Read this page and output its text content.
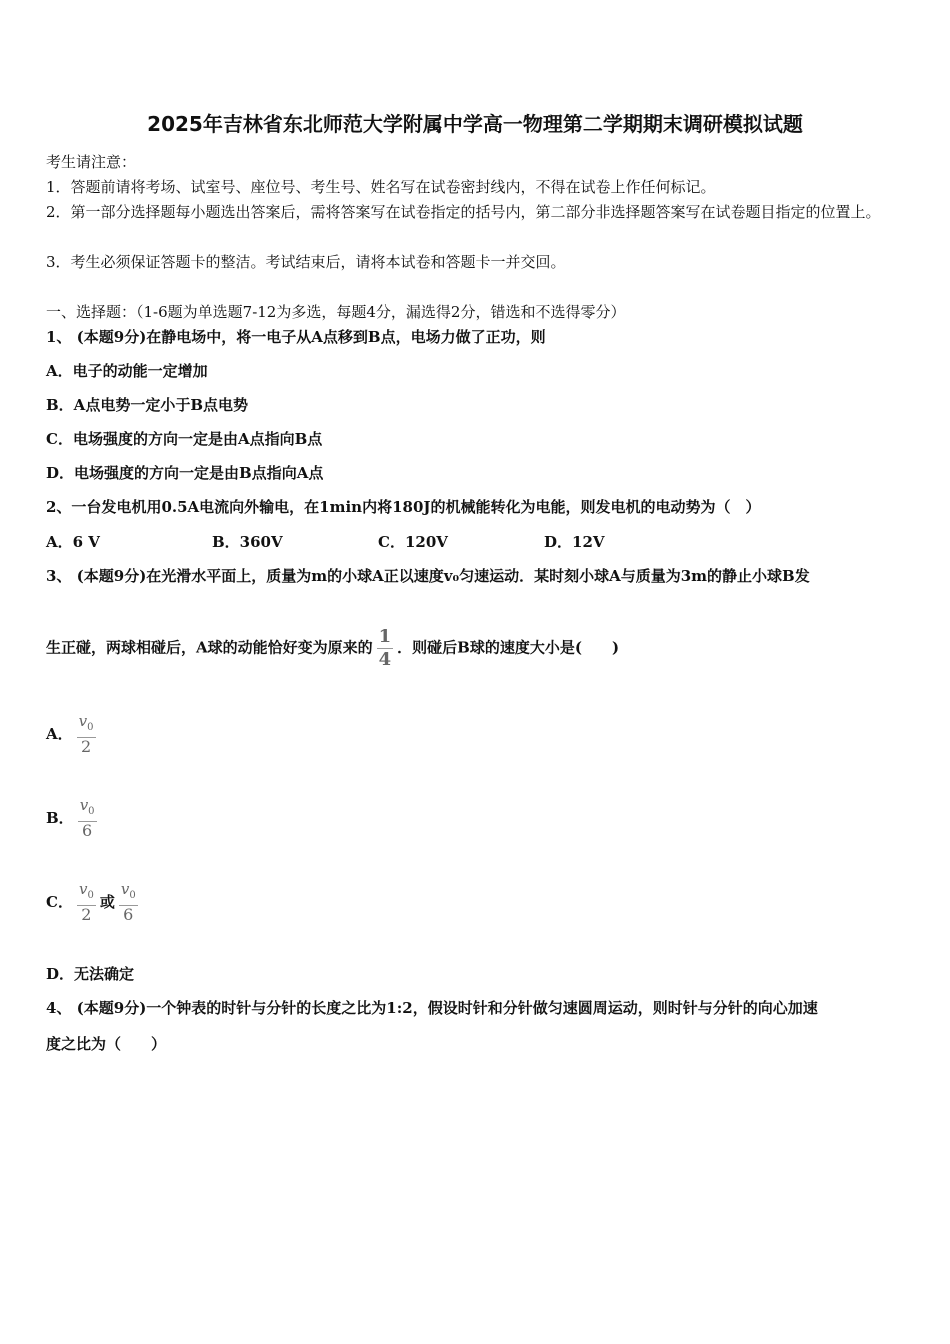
2025年吉林省东北师范大学附属中学高一物理第二学期期末调研模拟试题
考生请注意：
1．答题前请将考场、试室号、座位号、考生号、姓名写在试卷密封线内，不得在试卷上作任何标记。
2．第一部分选择题每小题选出答案后，需将答案写在试卷指定的括号内，第二部分非选择题答案写在试卷题目指定的位置上。
3．考生必须保证答题卡的整洁。考试结束后，请将本试卷和答题卡一并交回。
一、选择题：（1-6题为单选题7-12为多选，每题4分，漏选得2分，错选和不选得零分）
1、 (本题9分)在静电场中，将一电子从A点移到B点，电场力做了正功，则
A．电子的动能一定增加
B．A点电势一定小于B点电势
C．电场强度的方向一定是由A点指向B点
D．电场强度的方向一定是由B点指向A点
2、一台发电机用0.5A电流向外输电，在1min内将180J的机械能转化为电能，则发电机的电动势为（　）
A．6 V	B．360V	C．120V	D．12V
3、 (本题9分)在光滑水平面上，质量为m的小球A正以速度v₀匀速运动．某时刻小球A与质量为3m的静止小球B发
生正碰，两球相碰后，A球的动能恰好变为原来的 $\frac{1}{4}$ ．则碰后B球的速度大小是(　　)
A． $\frac{v_0}{2}$
B． $\frac{v_0}{6}$
C． $\frac{v_0}{2}$ 或 $\frac{v_0}{6}$
D．无法确定
4、 (本题9分)一个钟表的时针与分针的长度之比为1:2，假设时针和分针做匀速圆周运动，则时针与分针的向心加速
度之比为（　　）
